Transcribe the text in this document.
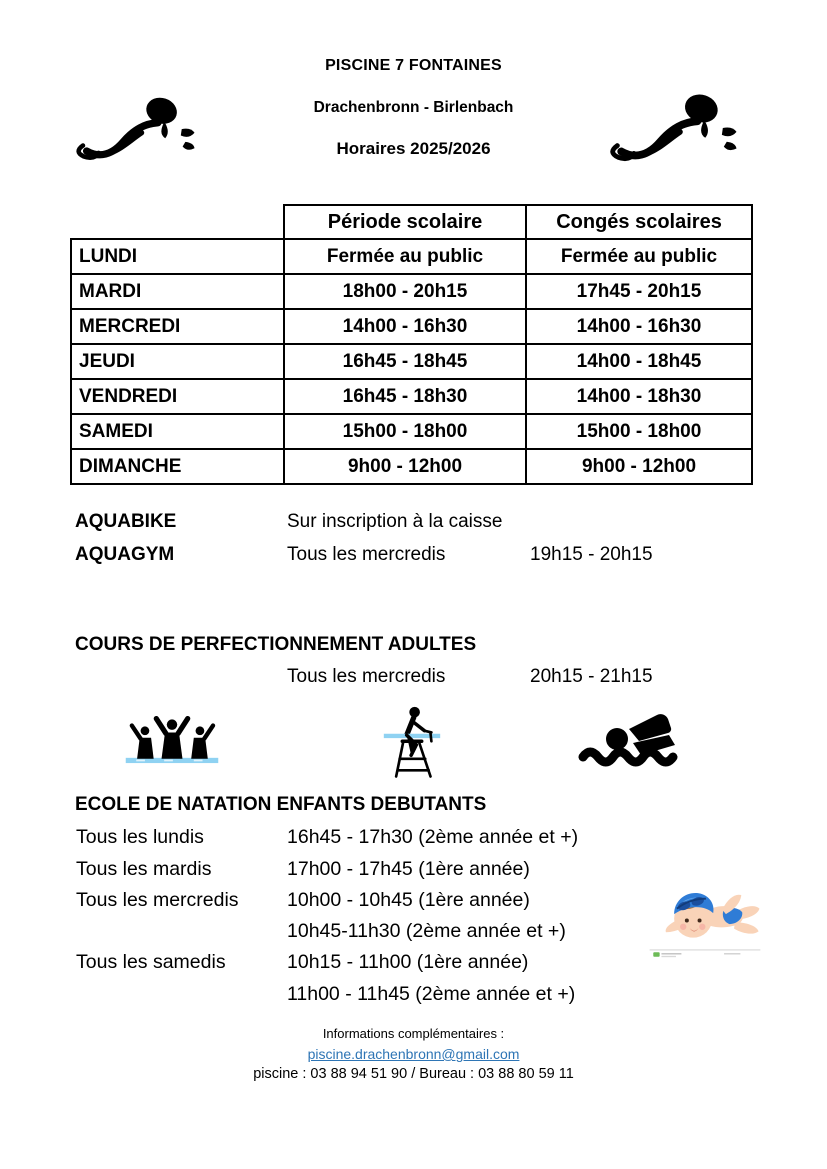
PISCINE 7 FONTAINES
Drachenbronn - Birlenbach
Horaires 2025/2026
	Période scolaire	Congés scolaires
LUNDI	Fermée au public	Fermée au public
MARDI	18h00 - 20h15	17h45 - 20h15
MERCREDI	14h00 - 16h30	14h00 - 16h30
JEUDI	16h45 - 18h45	14h00 - 18h45
VENDREDI	16h45 - 18h30	14h00 - 18h30
SAMEDI	15h00 - 18h00	15h00 - 18h00
DIMANCHE	9h00 - 12h00	9h00 - 12h00
AQUABIKE	Sur inscription à la caisse
AQUAGYM	Tous les mercredis	19h15 - 20h15
COURS DE PERFECTIONNEMENT ADULTES
Tous les mercredis	20h15 - 21h15
ECOLE DE NATATION ENFANTS DEBUTANTS
Tous les lundis	16h45 - 17h30 (2ème année et +)
Tous les mardis	17h00 - 17h45 (1ère année)
Tous les mercredis 10h00 - 10h45 (1ère année)
10h45-11h30 (2ème année et +)
Tous les samedis	10h15 - 11h00 (1ère année)
11h00 - 11h45 (2ème année et +)
Informations complémentaires :
piscine.drachenbronn@gmail.com
piscine : 03 88 94 51 90 / Bureau : 03 88 80 59 11
